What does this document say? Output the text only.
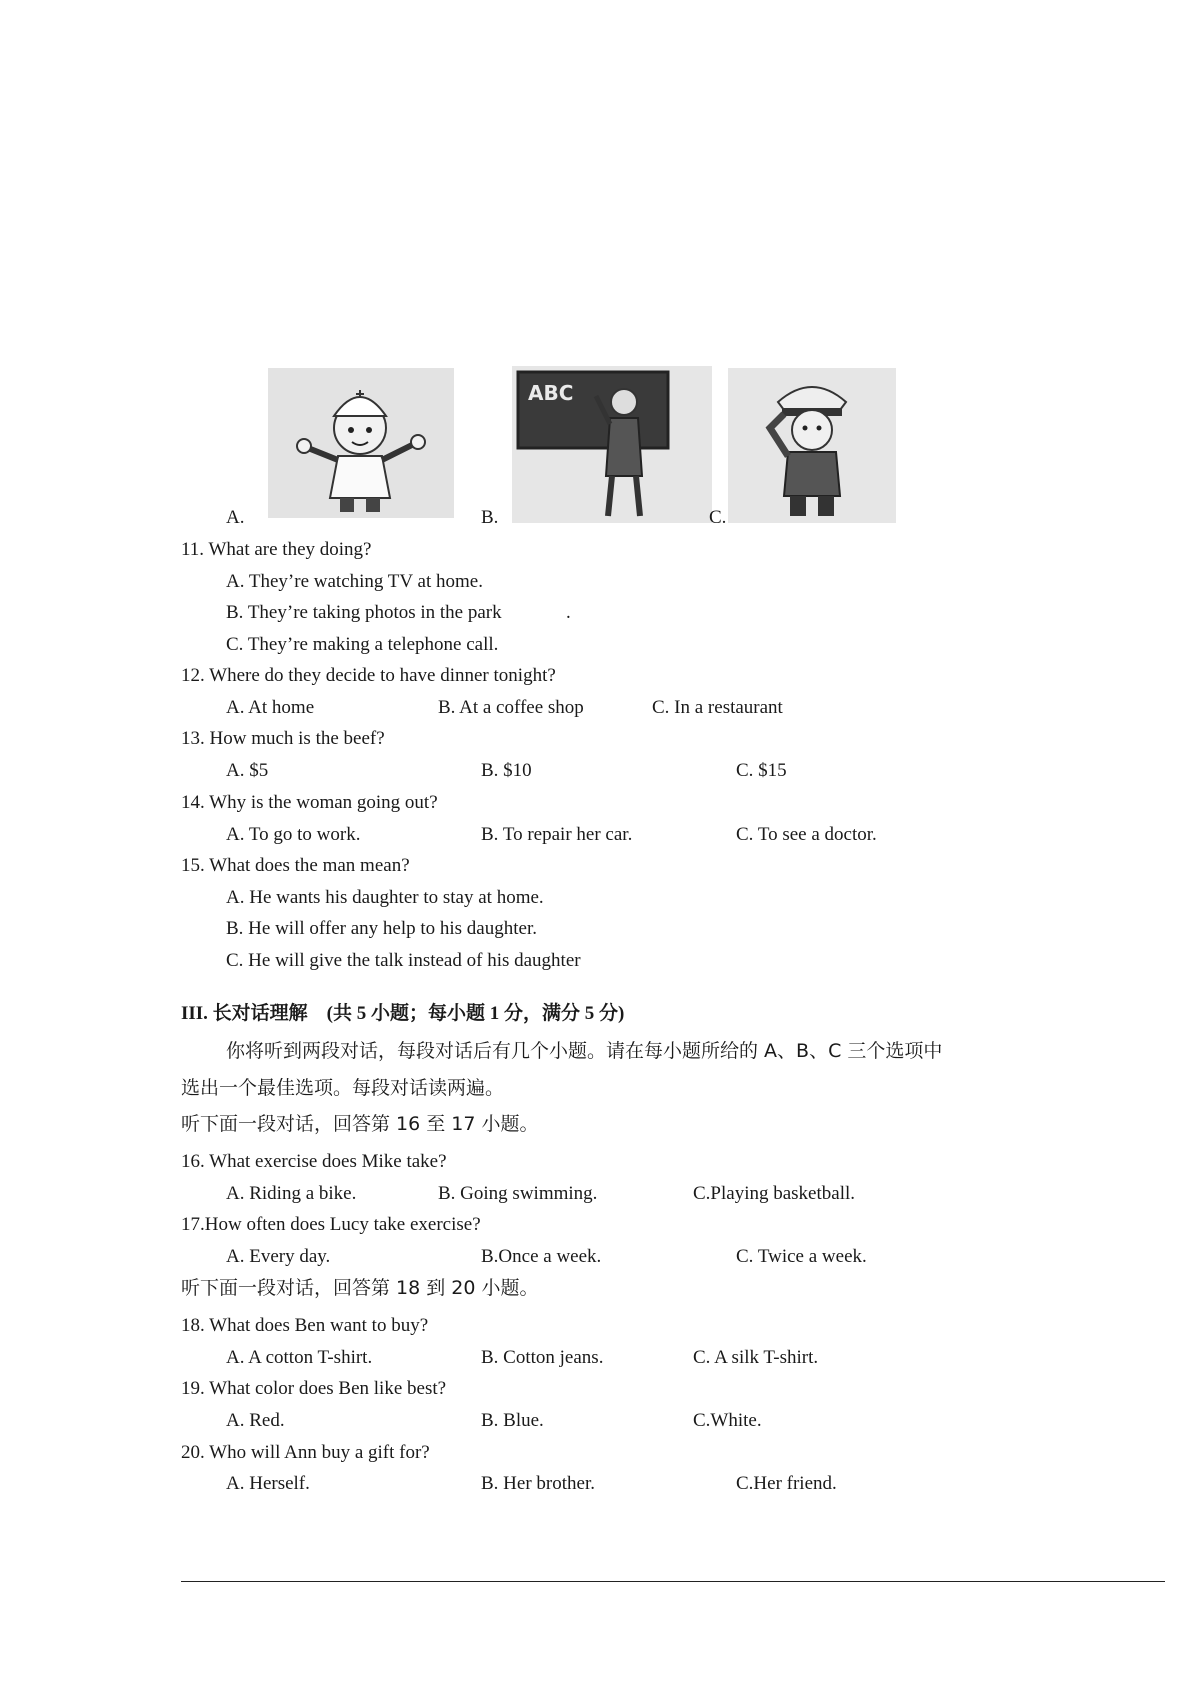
A.
ABC
B.	C.
11. What are they doing?
A. They’re watching TV at home.
B. They’re taking photos in the park	.
C. They’re making a telephone call.
12. Where do they decide to have dinner tonight?
A. At home	B. At a coffee shop	C. In a restaurant
13. How much is the beef?
A. $5	B. $10	C. $15
14. Why is the woman going out?
A. To go to work.	B. To repair her car.	C. To see a doctor.
15. What does the man mean?
A. He wants his daughter to stay at home.
B. He will offer any help to his daughter.
C. He will give the talk instead of his daughter
III. 长对话理解　(共 5 小题；每小题 1 分，满分 5 分)
你将听到两段对话，每段对话后有几个小题。请在每小题所给的 A、B、C 三个选项中
选出一个最佳选项。每段对话读两遍。
听下面一段对话，回答第 16 至 17 小题。
16. What exercise does Mike take?
A. Riding a bike.	B. Going swimming.	C.Playing basketball.
17.How often does Lucy take exercise?
A. Every day.	B.Once a week.	C. Twice a week.
听下面一段对话，回答第 18 到 20 小题。
18. What does Ben want to buy?
A. A cotton T-shirt.	B. Cotton jeans.	C. A silk T-shirt.
19. What color does Ben like best?
A. Red.	B. Blue.	C.White.
20. Who will Ann buy a gift for?
A. Herself.	B. Her brother.	C.Her friend.
